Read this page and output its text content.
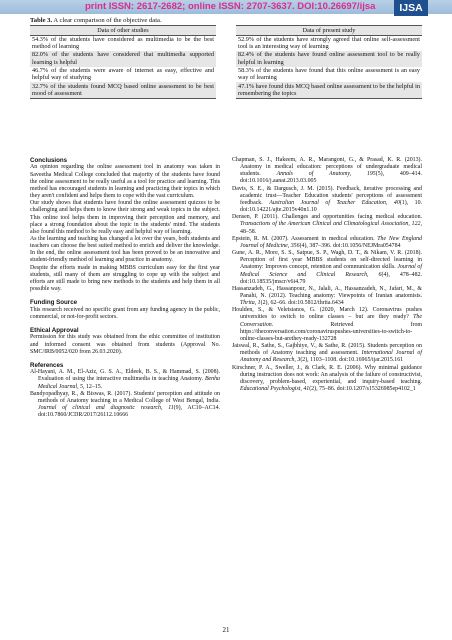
print ISSN: 2617-2682; online ISSN: 2707-3637. DOI:10.26697/ijsa	IJSA
Table 3. A clear comparison of the objective data.
Data of other studies		Data of present study
54.3% of the students have considered as multimedia to be the best method of learning		52.9% of the students have strongly agreed that online self-assessment tool is an interesting way of learning
82.0% of the students have considered that multimedia supported learning is helpful		82.4% of the students have found online assessment tool to be really helpful in learning
46.7% of the students were aware of internet as easy, effective and helpful way of studying		58.3% of the students have found that this online assessment is an easy way of learning
32.7% of the students found MCQ based online assessment to be best mood of assessment		47.1% have found this MCQ based online assessment to be the helpful in remembering the topics
Conclusions

An opinion regarding the online assessment tool in anatomy was taken in Saveetha Medical College concluded that majority of the students have found the online assessment to be really useful as a tool for practice and learning. This method has encouraged students in learning and practicing their topics in which they aren't confident and helps them to cope with the vast curriculum.

Our study shows that students have found the online assessment quizzes to be challenging and helps them to know their strong and weak topics in the subject. This online tool helps them in improving their perception and memory, and place a strong foundation about the topic in the students' mind. The students also found this method to be really easy and helpful way of learning.

As the learning and teaching has changed a lot over the years, both students and teachers can choose the best suited method to enrich and deliver the knowledge. In the end, the online assessment tool has been proved to be an innovative and student-friendly method of learning and practice in anatomy.

Despite the efforts made in making MBBS curriculum easy for the first year students, still many of them are struggling to cope up with the subject and efforts are still made to bring new methods to the students and help them in all possible way.

Funding Source

This research received no specific grant from any funding agency in the public, commercial, or not-for-profit sectors.

Ethical Approval

Permission for this study was obtained from the ethic committee of institution and informed consent was obtained from students (Approval No. SMC/IRB/0052/020 from 26.03.2020).

References

Al-Hayani, A. M., El-Aziz, G. S. A., Eldeek, B. S., & Hammad, S. (2008). Evaluation of using the interactive multimedia in teaching Anatomy. Benha Medical Journal, 5, 12–15.

Bandyopadhyay, R., & Biswas, R. (2017). Students' perception and attitude on methods of Anatomy teaching in a Medical College of West Bengal, India. Journal of clinical and diagnostic research, 11(9), AC10–AC14. doi:10.7860/JCDR/2017/26112.10666

Chapman, S. J., Hakeem, A. R., Marangoni, G., & Prasad, K. R. (2013). Anatomy in medical education: perceptions of undergraduate medical students. Annals of Anatomy, 195(5), 409–414. doi:10.1016/j.aanat.2013.03.005

Davis, S. E., & Dargusch, J. M. (2015). Feedback, iterative processing and academic trust—Teacher Education students' perceptions of assessment feedback. Australian Journal of Teacher Education, 40(1), 10. doi:10.14221/ajte.2015v40n1.10

Densen, P. (2011). Challenges and opportunities facing medical education. Transactions of the American Clinical and Climatological Association, 122, 48–58.

Epstein, R. M. (2007). Assessment in medical education. The New England Journal of Medicine, 356(4), 387–396. doi:10.1056/NEJMra054784

Gune, A. R., More, S. S., Satpue, S. P., Wagh, D. T., & Nikam, V. R. (2018). Perception of first year MBBS students on self-directed learning in Anatomy: Improves concept, retention and communication skills. Journal of Medical Science and Clinical Research, 6(4), 478–482. doi:10.18535/jmscr/v6i4.79

Hassanzadeh, G., Hassanpour, N., Jalali, A., Hassanzadeh, N., Jafari, M., & Panahi, N. (2012). Teaching anatomy: Viewpoints of Iranian anatomists. Thrita, 1(2), 62–66. doi:10.5812/thrita.6434

Houlden, S., & Veletsianos, G. (2020, March 12). Coronavirus pushes universities to switch to online classes – but are they ready? The Conversation. Retrieved from https://theconversation.com/coronaviruspushes-universities-to-switch-to-online-classes-but-arethey-ready-132728

Jaiswal, R., Sathe, S., Gajbhiye, V., & Sathe, R. (2015). Students perception on methods of Anatomy teaching and assessment. International Journal of Anatomy and Research, 3(2), 1103–1108. doi:10.16965/ijar.2015.161

Kirschner, P. A., Sweller, J., & Clark, R. E. (2006). Why minimal guidance during instruction does not work: An analysis of the failure of constructivist, discovery, problem-based, experiential, and inquiry-based teaching. Educational Psychologist, 41(2), 75–86. doi:10.1207/s15326985ep4102_1

21
